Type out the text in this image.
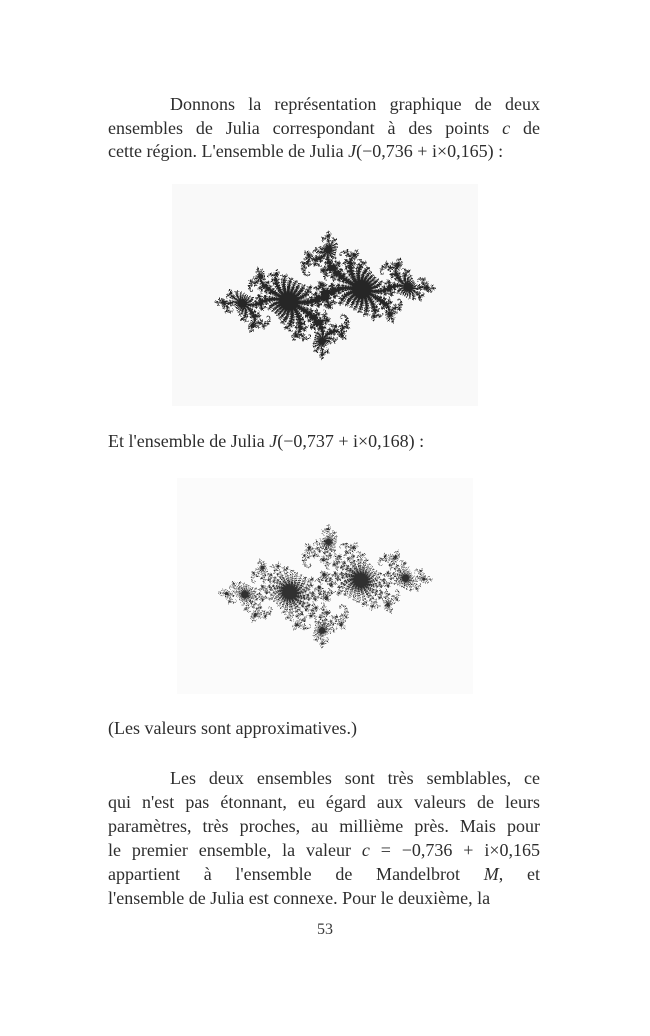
Donnons la représentation graphique de deux
ensembles de Julia correspondant à des points c de
cette région. L'ensemble de Julia J(−0,736 + i×0,165) :
Et l'ensemble de Julia J(−0,737 + i×0,168) :
(Les valeurs sont approximatives.)
Les deux ensembles sont très semblables, ce
qui n'est pas étonnant, eu égard aux valeurs de leurs
paramètres, très proches, au millième près. Mais pour
le premier ensemble, la valeur c = −0,736 + i×0,165
appartient à l'ensemble de Mandelbrot M, et
l'ensemble de Julia est connexe. Pour le deuxième, la
53
